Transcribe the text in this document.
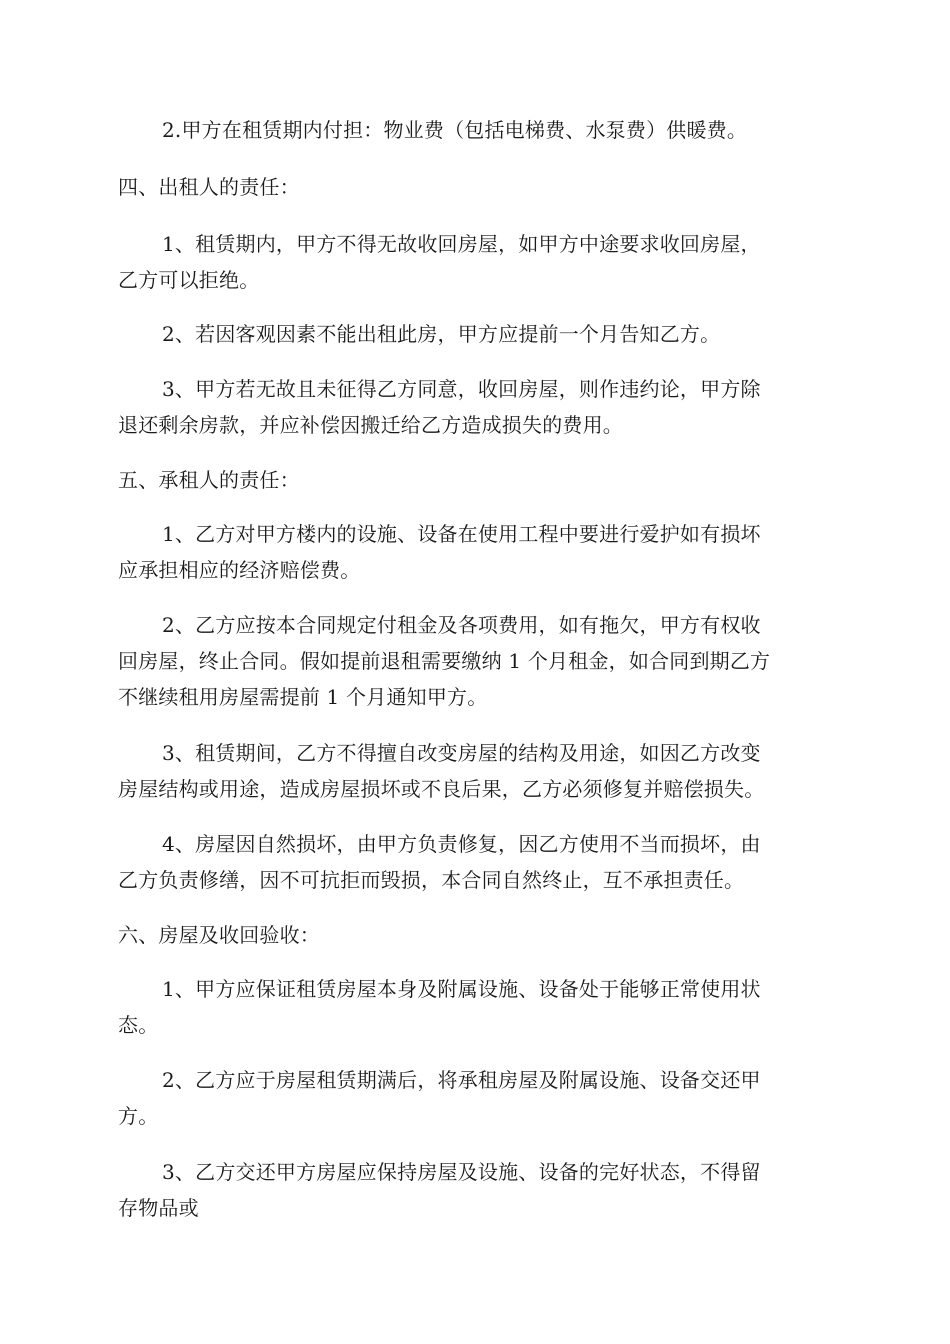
2.甲方在租赁期内付担：物业费（包括电梯费、水泵费）供暖费。
四、出租人的责任：
1、租赁期内，甲方不得无故收回房屋，如甲方中途要求收回房屋，
乙方可以拒绝。
2、若因客观因素不能出租此房，甲方应提前一个月告知乙方。
3、甲方若无故且未征得乙方同意，收回房屋，则作违约论，甲方除
退还剩余房款，并应补偿因搬迁给乙方造成损失的费用。
五、承租人的责任：
1、乙方对甲方楼内的设施、设备在使用工程中要进行爱护如有损坏
应承担相应的经济赔偿费。
2、乙方应按本合同规定付租金及各项费用，如有拖欠，甲方有权收
回房屋，终止合同。假如提前退租需要缴纳 1 个月租金，如合同到期乙方
不继续租用房屋需提前 1 个月通知甲方。
3、租赁期间，乙方不得擅自改变房屋的结构及用途，如因乙方改变
房屋结构或用途，造成房屋损坏或不良后果，乙方必须修复并赔偿损失。
4、房屋因自然损坏，由甲方负责修复，因乙方使用不当而损坏，由
乙方负责修缮，因不可抗拒而毁损，本合同自然终止，互不承担责任。
六、房屋及收回验收：
1、甲方应保证租赁房屋本身及附属设施、设备处于能够正常使用状
态。
2、乙方应于房屋租赁期满后，将承租房屋及附属设施、设备交还甲
方。
3、乙方交还甲方房屋应保持房屋及设施、设备的完好状态，不得留
存物品或
